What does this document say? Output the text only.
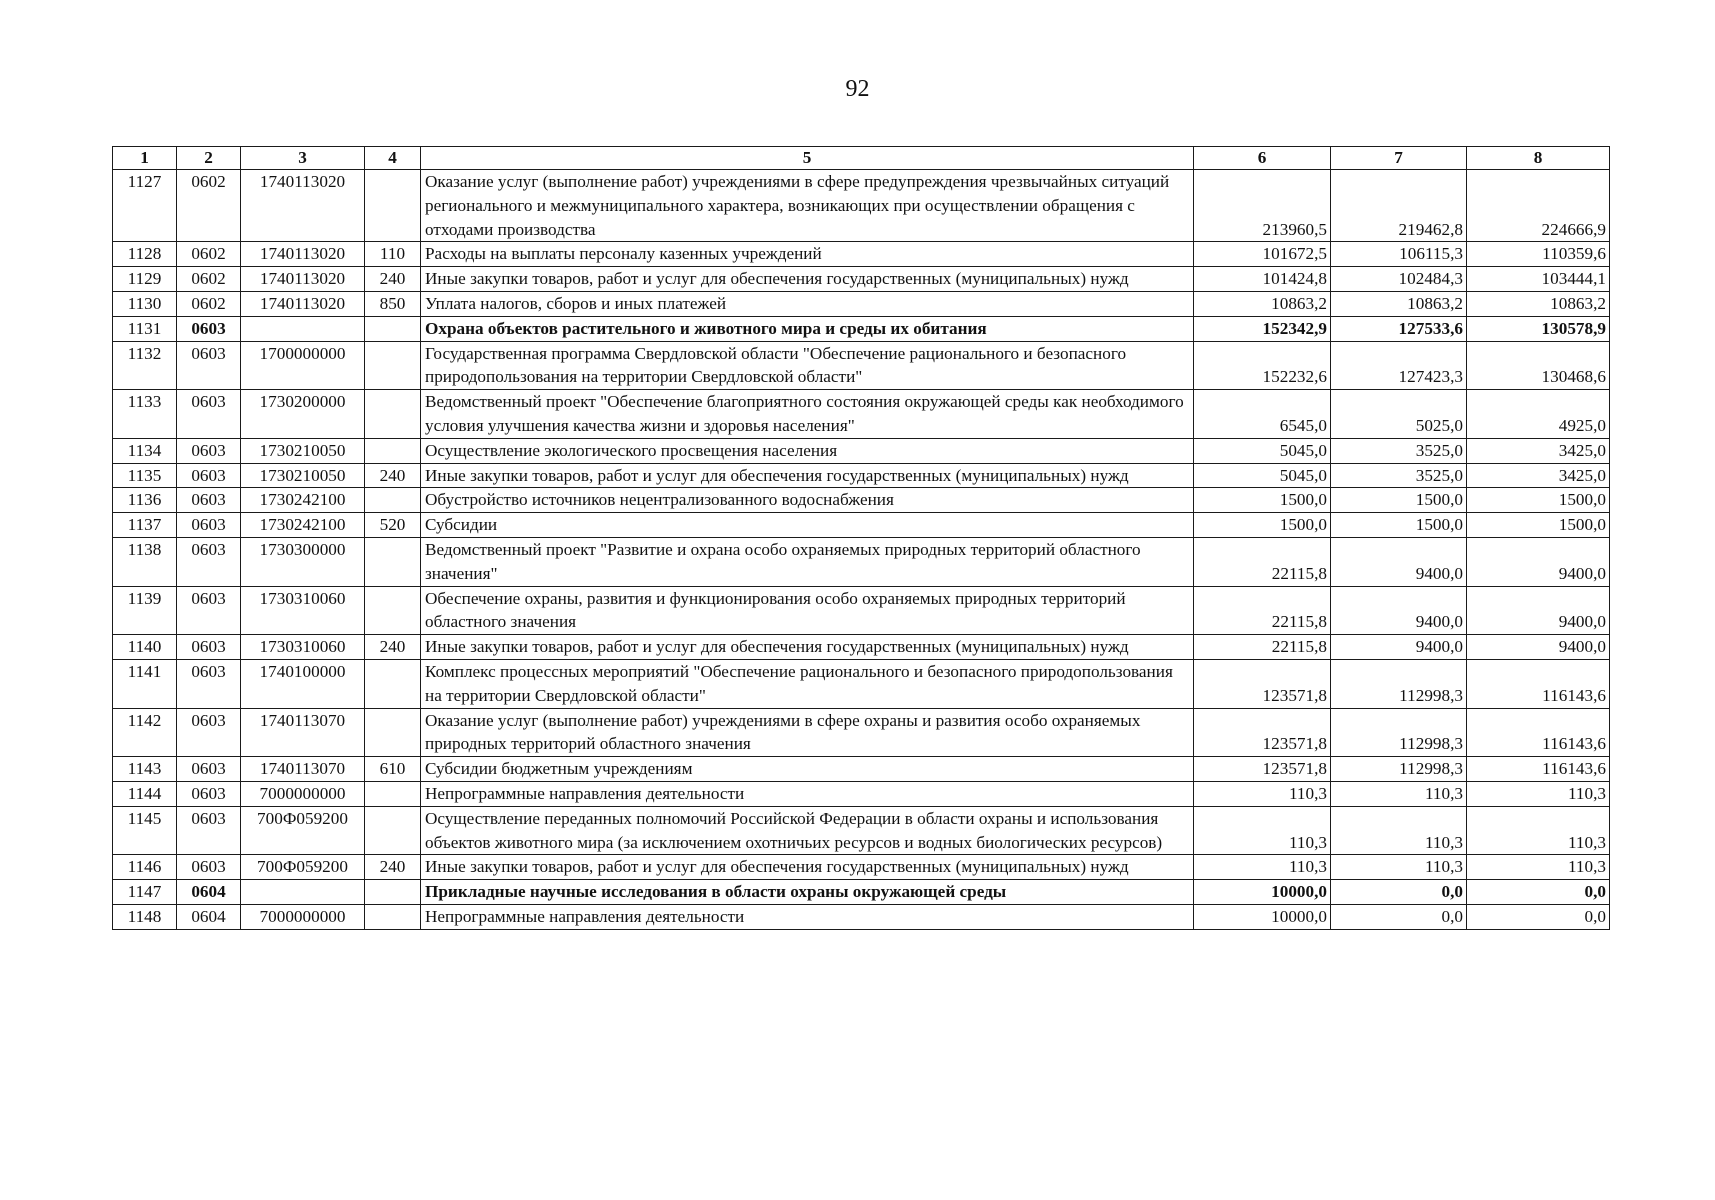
92
1	2	3	4	5	6	7	8
1127	0602	1740113020		Оказание услуг (выполнение работ) учреждениями в сфере предупреждения чрезвычайных ситуаций регионального и межмуниципального характера, возникающих при осуществлении обращения с отходами производства	213960,5	219462,8	224666,9
1128	0602	1740113020	110	Расходы на выплаты персоналу казенных учреждений	101672,5	106115,3	110359,6
1129	0602	1740113020	240	Иные закупки товаров, работ и услуг для обеспечения государственных (муниципальных) нужд	101424,8	102484,3	103444,1
1130	0602	1740113020	850	Уплата налогов, сборов и иных платежей	10863,2	10863,2	10863,2
1131	0603			Охрана объектов растительного и животного мира и среды их обитания	152342,9	127533,6	130578,9
1132	0603	1700000000		Государственная программа Свердловской области "Обеспечение рационального и безопасного природопользования на территории Свердловской области"	152232,6	127423,3	130468,6
1133	0603	1730200000		Ведомственный проект "Обеспечение благоприятного состояния окружающей среды как необходимого условия улучшения качества жизни и здоровья населения"	6545,0	5025,0	4925,0
1134	0603	1730210050		Осуществление экологического просвещения населения	5045,0	3525,0	3425,0
1135	0603	1730210050	240	Иные закупки товаров, работ и услуг для обеспечения государственных (муниципальных) нужд	5045,0	3525,0	3425,0
1136	0603	1730242100		Обустройство источников нецентрализованного водоснабжения	1500,0	1500,0	1500,0
1137	0603	1730242100	520	Субсидии	1500,0	1500,0	1500,0
1138	0603	1730300000		Ведомственный проект "Развитие и охрана особо охраняемых природных территорий областного значения"	22115,8	9400,0	9400,0
1139	0603	1730310060		Обеспечение охраны, развития и функционирования особо охраняемых природных территорий областного значения	22115,8	9400,0	9400,0
1140	0603	1730310060	240	Иные закупки товаров, работ и услуг для обеспечения государственных (муниципальных) нужд	22115,8	9400,0	9400,0
1141	0603	1740100000		Комплекс процессных мероприятий "Обеспечение рационального и безопасного природопользования на территории Свердловской области"	123571,8	112998,3	116143,6
1142	0603	1740113070		Оказание услуг (выполнение работ) учреждениями в сфере охраны и развития особо охраняемых природных территорий областного значения	123571,8	112998,3	116143,6
1143	0603	1740113070	610	Субсидии бюджетным учреждениям	123571,8	112998,3	116143,6
1144	0603	7000000000		Непрограммные направления деятельности	110,3	110,3	110,3
1145	0603	700Ф059200		Осуществление переданных полномочий Российской Федерации в области охраны и использования объектов животного мира (за исключением охотничьих ресурсов и водных биологических ресурсов)	110,3	110,3	110,3
1146	0603	700Ф059200	240	Иные закупки товаров, работ и услуг для обеспечения государственных (муниципальных) нужд	110,3	110,3	110,3
1147	0604			Прикладные научные исследования в области охраны окружающей среды	10000,0	0,0	0,0
1148	0604	7000000000		Непрограммные направления деятельности	10000,0	0,0	0,0
